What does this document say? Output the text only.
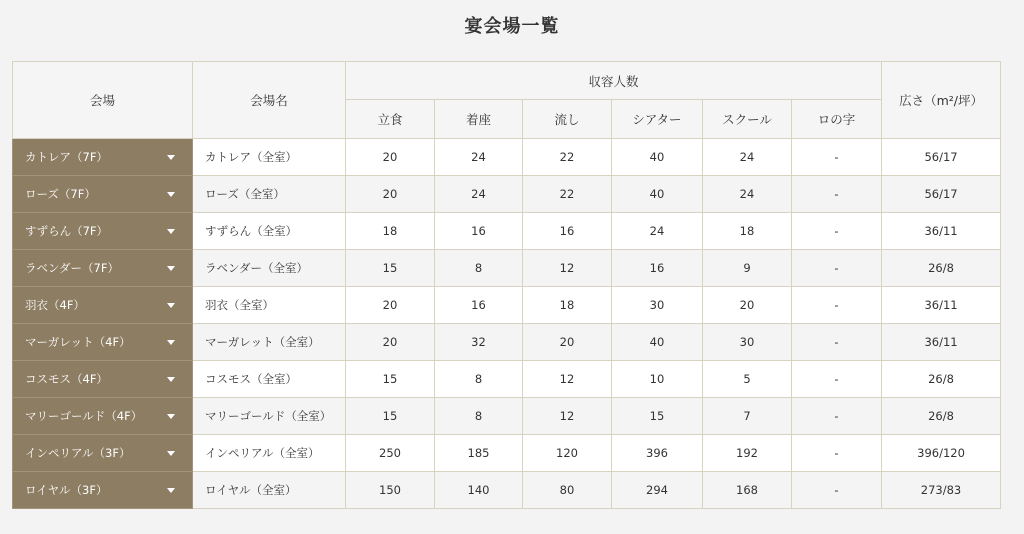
宴会場一覧
会場	会場名	収容人数						広さ（m²/坪）
		立食	着座	流し	シアター	スクール	ロの字	
カトレア（7F）	カトレア（全室）	20	24	22	40	24	-	56/17
ローズ（7F）	ローズ（全室）	20	24	22	40	24	-	56/17
すずらん（7F）	すずらん（全室）	18	16	16	24	18	-	36/11
ラベンダー（7F）	ラベンダー（全室）	15	8	12	16	9	-	26/8
羽衣（4F）	羽衣（全室）	20	16	18	30	20	-	36/11
マーガレット（4F）	マーガレット（全室）	20	32	20	40	30	-	36/11
コスモス（4F）	コスモス（全室）	15	8	12	10	5	-	26/8
マリーゴールド（4F）	マリーゴールド（全室）	15	8	12	15	7	-	26/8
インペリアル（3F）	インペリアル（全室）	250	185	120	396	192	-	396/120
ロイヤル（3F）	ロイヤル（全室）	150	140	80	294	168	-	273/83
